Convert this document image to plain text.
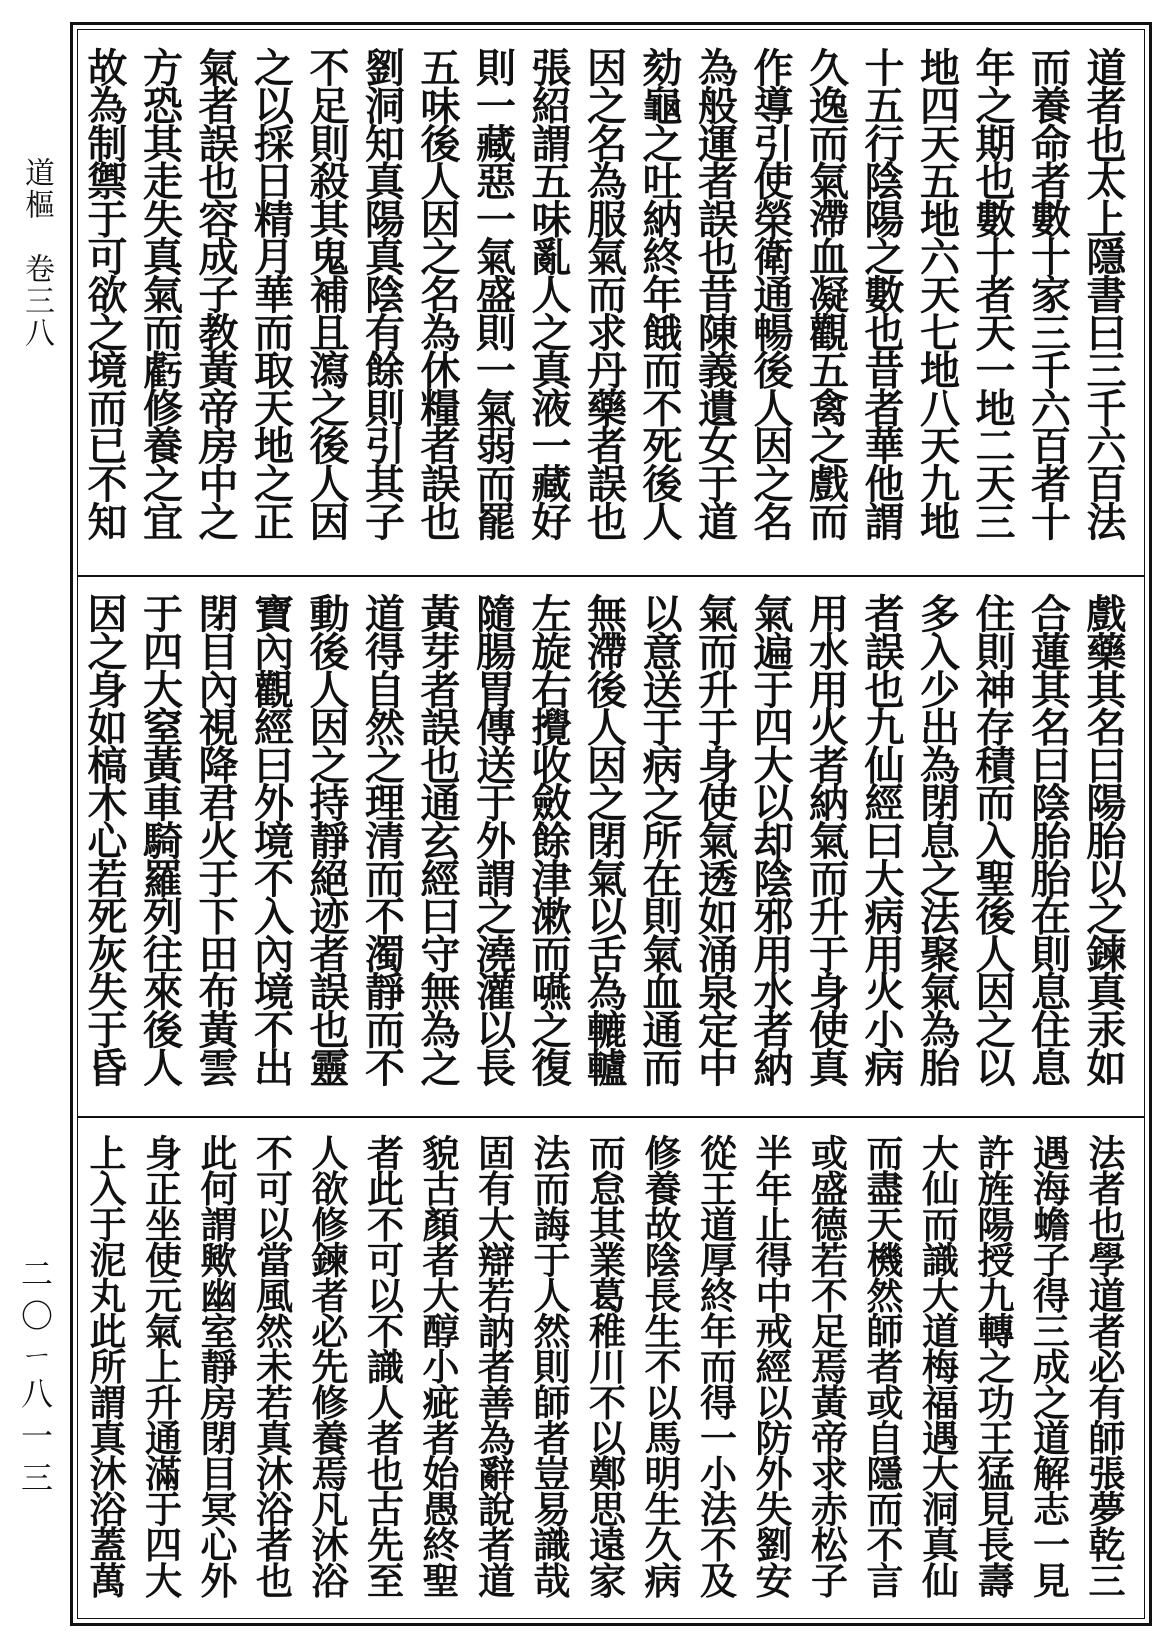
道樞　卷三八
二〇ㄧ八一三
道者也太上隱書曰三千六百法而養命者數十家三千六百者十年之期也數十者天一地二天三地四天五地六天七地八天九地十五行陰陽之數也昔者華他謂久逸而氣滯血凝觀五禽之戲而作導引使榮衛通暢後人因之名為般運者誤也昔陳義遺女于道劾龜之吐納終年餓而不死後人因之名為服氣而求丹藥者誤也張紹謂五味亂人之真液一藏好則一藏惡一氣盛則一氣弱而罷五味後人因之名為休糧者誤也劉洞知真陽真陰有餘則引其子不足則殺其鬼補且瀉之後人因之以採日精月華而取天地之正氣者誤也容成子教黃帝房中之方恐其走失真氣而虧修養之宜故為制禦于可欲之境而已不知
戲藥其名曰陽胎以之鍊真汞如合蓮其名曰陰胎胎在則息住息住則神存積而入聖後人因之以多入少出為閉息之法聚氣為胎者誤也九仙經曰大病用火小病用水用火者納氣而升于身使真氣遍于四大以却陰邪用水者納氣而升于身使氣透如涌泉定中以意送于病之所在則氣血通而無滯後人因之閉氣以舌為轆轤左旋右攪收斂餘津漱而嚥之復隨腸胃傳送于外謂之澆灌以長黃芽者誤也通玄經曰守無為之道得自然之理清而不濁靜而不動後人因之持靜絕迹者誤也靈寶內觀經曰外境不入內境不出閉目內視降君火于下田布黃雲于四大窒黃車騎羅列往來後人因之身如槁木心若死灰失于昏
法者也學道者必有師張夢乾三遇海蟾子得三成之道解志一見許旌陽授九轉之功王猛見長壽大仙而識大道梅福遇大洞真仙而盡天機然師者或自隱而不言或盛德若不足焉黃帝求赤松子半年止得中戒經以防外失劉安從王道厚終年而得一小法不及修養故陰長生不以馬明生久病而怠其業葛稚川不以鄭思遠家法而誨于人然則師者豈易識哉固有大辯若訥者善為辭說者道貌古顏者大醇小疵者始愚終聖者此不可以不識人者也古先至人欲修鍊者必先修養焉凡沐浴不可以當風然未若真沐浴者也此何謂歟幽室靜房閉目冥心外身正坐使元氣上升通滿于四大上入于泥丸此所謂真沐浴蓋萬
